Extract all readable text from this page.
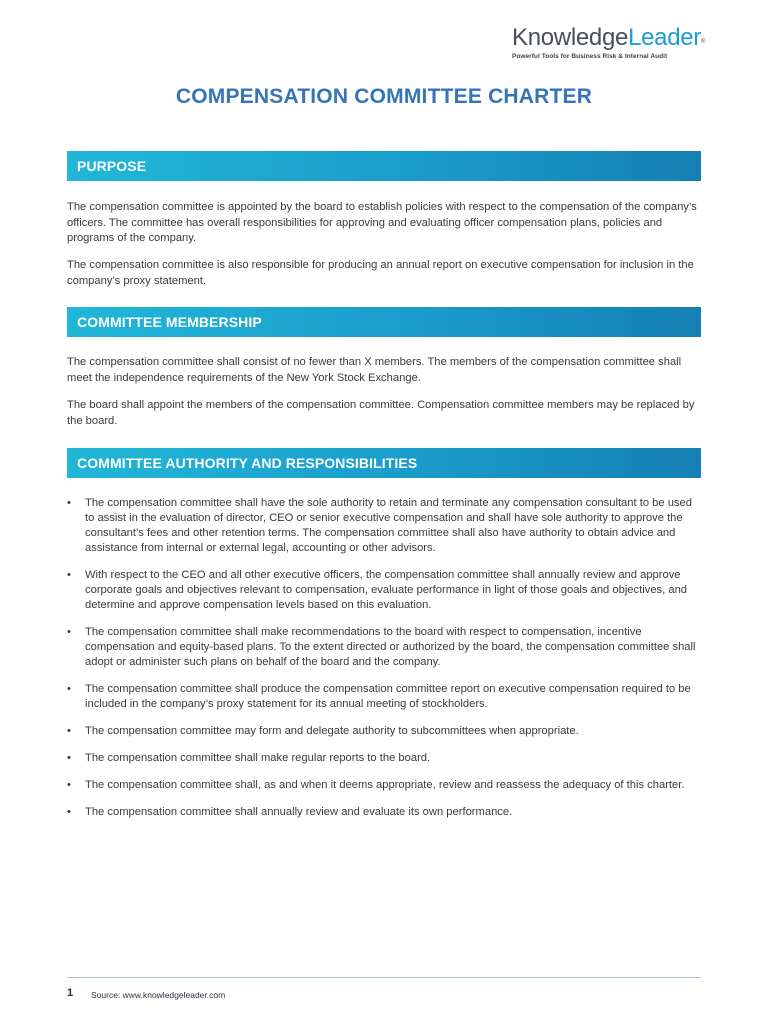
KnowledgeLeader®
Powerful Tools for Business Risk & Internal Audit
COMPENSATION COMMITTEE CHARTER
PURPOSE

The compensation committee is appointed by the board to establish policies with respect to the compensation of the company’s officers. The committee has overall responsibilities for approving and evaluating officer compensation plans, policies and programs of the company.

The compensation committee is also responsible for producing an annual report on executive compensation for inclusion in the company’s proxy statement.

COMMITTEE MEMBERSHIP

The compensation committee shall consist of no fewer than X members. The members of the compensation committee shall meet the independence requirements of the New York Stock Exchange.

The board shall appoint the members of the compensation committee. Compensation committee members may be replaced by the board.

COMMITTEE AUTHORITY AND RESPONSIBILITIES
• The compensation committee shall have the sole authority to retain and terminate any compensation consultant to be used to assist in the evaluation of director, CEO or senior executive compensation and shall have sole authority to approve the consultant’s fees and other retention terms. The compensation committee shall also have authority to obtain advice and assistance from internal or external legal, accounting or other advisors.
• With respect to the CEO and all other executive officers, the compensation committee shall annually review and approve corporate goals and objectives relevant to compensation, evaluate performance in light of those goals and objectives, and determine and approve compensation levels based on this evaluation.
• The compensation committee shall make recommendations to the board with respect to compensation, incentive compensation and equity-based plans. To the extent directed or authorized by the board, the compensation committee shall adopt or administer such plans on behalf of the board and the company.
• The compensation committee shall produce the compensation committee report on executive compensation required to be included in the company’s proxy statement for its annual meeting of stockholders.
• The compensation committee may form and delegate authority to subcommittees when appropriate.
• The compensation committee shall make regular reports to the board.
• The compensation committee shall, as and when it deems appropriate, review and reassess the adequacy of this charter.
• The compensation committee shall annually review and evaluate its own performance.
1 Source: www.knowledgeleader.com
